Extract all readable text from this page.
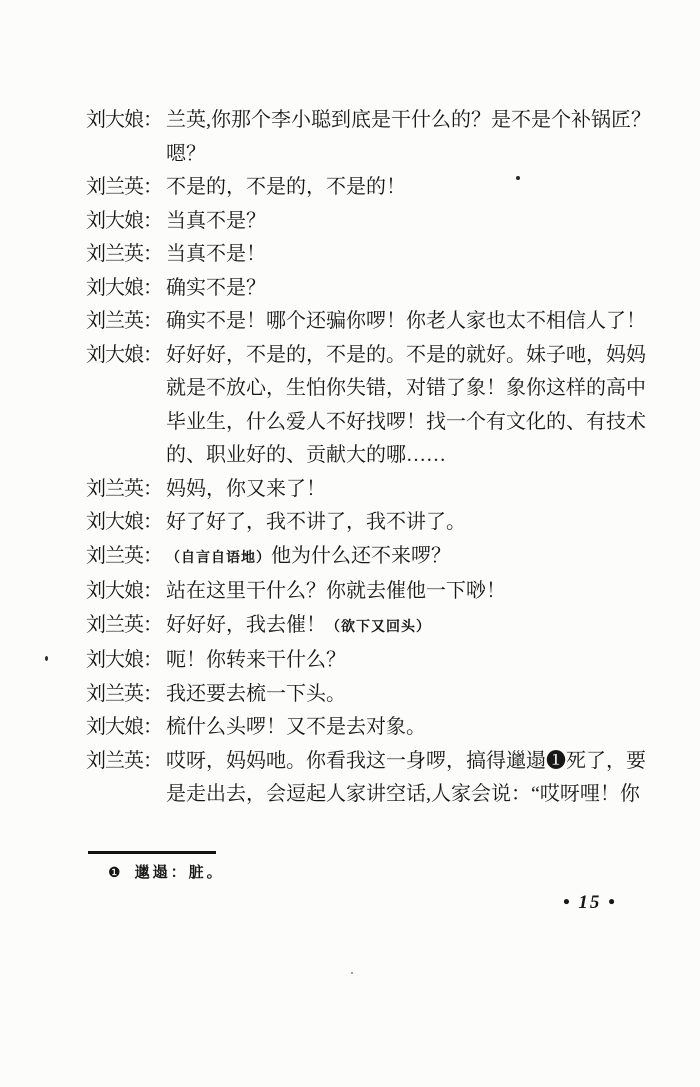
刘大娘： 兰英,你那个李小聪到底是干什么的？是不是个补锅匠？
嗯？
刘兰英： 不是的，不是的，不是的！
刘大娘： 当真不是？
刘兰英： 当真不是！
刘大娘： 确实不是？
刘兰英： 确实不是！哪个还骗你啰！你老人家也太不相信人了！
刘大娘： 好好好，不是的，不是的。不是的就好。妹子吔，妈妈
就是不放心，生怕你失错，对错了象！象你这样的高中
毕业生，什么爱人不好找啰！找一个有文化的、有技术
的、职业好的、贡献大的哪……
刘兰英： 妈妈，你又来了！
刘大娘： 好了好了，我不讲了，我不讲了。
刘兰英： （自言自语地）他为什么还不来啰？
刘大娘： 站在这里干什么？你就去催他一下唦！
刘兰英： 好好好，我去催！（欲下又回头）
刘大娘： 呃！你转来干什么？
刘兰英： 我还要去梳一下头。
刘大娘： 梳什么头啰！又不是去对象。
刘兰英： 哎呀，妈妈吔。你看我这一身啰，搞得邋遢❶死了，要
是走出去，会逗起人家讲空话,人家会说：“哎呀哩！你
❶ 邋遢：脏。
• 15 •
